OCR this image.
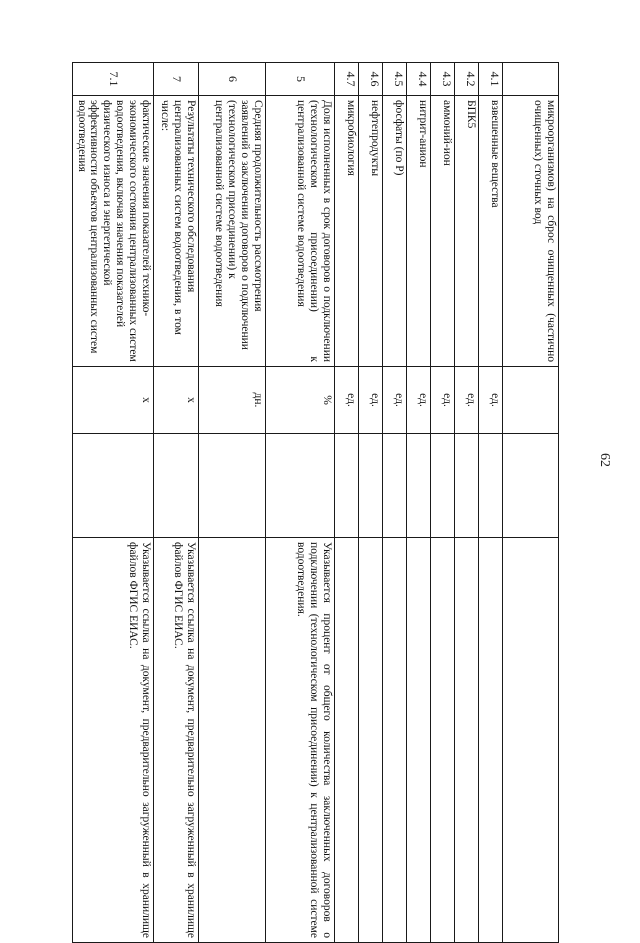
62
	микроорганизмов) на сброс очищенных (частично очищенных) сточных вод			
4.1	взвешенные вещества	ед.		
4.2	БПК5	ед.		
4.3	аммоний-ион	ед.		
4.4	нитрит-анион	ед.		
4.5	фосфаты (по Р)	ед.		
4.6	нефтепродукты	ед.		
4.7	микробиология	ед.		
5	Доля исполненных в срок договоров о подключении (технологическом присоединении) к централизованной системе водоотведения	%		Указывается процент от общего количества заключенных договоров о подключении (технологическом присоединении) к централизованной системе водоотведения.
6	Средняя продолжительность рассмотрения заявлений о заключении договоров о подключении (технологическом присоединении) к централизованной системе водоотведения	дн.		
7	Результаты технического обследования централизованных систем водоотведения, в том числе:	x		Указывается ссылка на документ, предварительно загруженный в хранилище файлов ФГИС ЕИАС.
7.1	фактические значения показателей технико-экономического состояния централизованных систем водоотведения, включая значения показателей физического износа и энергетической эффективности объектов централизованных систем водоотведения	x		Указывается ссылка на документ, предварительно загруженный в хранилище файлов ФГИС ЕИАС.
